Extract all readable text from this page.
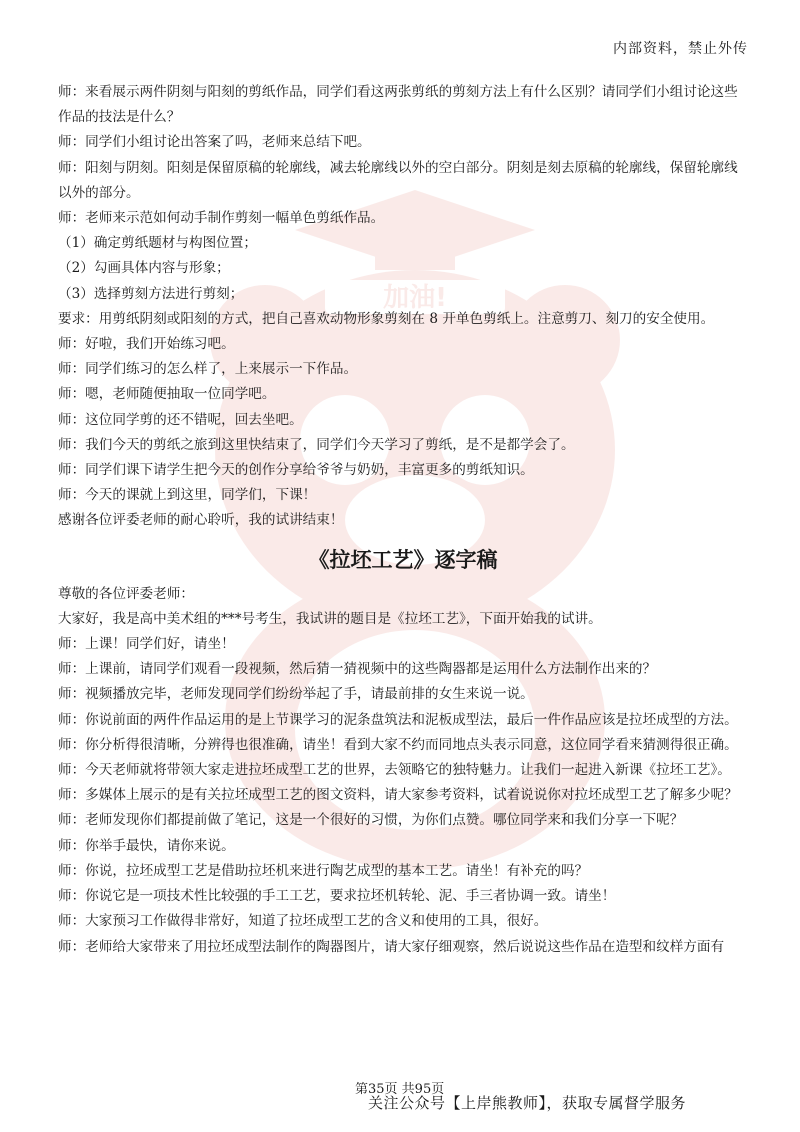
加油!
内部资料，禁止外传

师：来看展示两件阴刻与阳刻的剪纸作品，同学们看这两张剪纸的剪刻方法上有什么区别？请同学们小组讨论这些作品的技法是什么？

师：同学们小组讨论出答案了吗，老师来总结下吧。

师：阳刻与阴刻。阳刻是保留原稿的轮廓线，减去轮廓线以外的空白部分。阴刻是刻去原稿的轮廓线，保留轮廓线以外的部分。

师：老师来示范如何动手制作剪刻一幅单色剪纸作品。

（1）确定剪纸题材与构图位置；

（2）勾画具体内容与形象；

（3）选择剪刻方法进行剪刻；

要求：用剪纸阴刻或阳刻的方式，把自己喜欢动物形象剪刻在 8 开单色剪纸上。注意剪刀、刻刀的安全使用。

师：好啦，我们开始练习吧。

师：同学们练习的怎么样了，上来展示一下作品。

师：嗯，老师随便抽取一位同学吧。

师：这位同学剪的还不错呢，回去坐吧。

师：我们今天的剪纸之旅到这里快结束了，同学们今天学习了剪纸，是不是都学会了。

师：同学们课下请学生把今天的创作分享给爷爷与奶奶，丰富更多的剪纸知识。

师：今天的课就上到这里，同学们，下课！

感谢各位评委老师的耐心聆听，我的试讲结束！

《拉坯工艺》逐字稿

尊敬的各位评委老师：

大家好，我是高中美术组的***号考生，我试讲的题目是《拉坯工艺》，下面开始我的试讲。

师：上课！同学们好，请坐！

师：上课前，请同学们观看一段视频，然后猜一猜视频中的这些陶器都是运用什么方法制作出来的？

师：视频播放完毕，老师发现同学们纷纷举起了手，请最前排的女生来说一说。

师：你说前面的两件作品运用的是上节课学习的泥条盘筑法和泥板成型法，最后一件作品应该是拉坯成型的方法。

师：你分析得很清晰，分辨得也很准确，请坐！看到大家不约而同地点头表示同意，这位同学看来猜测得很正确。

师：今天老师就将带领大家走进拉坯成型工艺的世界，去领略它的独特魅力。让我们一起进入新课《拉坯工艺》。

师：多媒体上展示的是有关拉坯成型工艺的图文资料，请大家参考资料，试着说说你对拉坯成型工艺了解多少呢？

师：老师发现你们都提前做了笔记，这是一个很好的习惯，为你们点赞。哪位同学来和我们分享一下呢？

师：你举手最快，请你来说。

师：你说，拉坯成型工艺是借助拉坯机来进行陶艺成型的基本工艺。请坐！有补充的吗？

师：你说它是一项技术性比较强的手工工艺，要求拉坯机转轮、泥、手三者协调一致。请坐！

师：大家预习工作做得非常好，知道了拉坯成型工艺的含义和使用的工具，很好。

师：老师给大家带来了用拉坯成型法制作的陶器图片，请大家仔细观察，然后说说这些作品在造型和纹样方面有

第35页 共95页
关注公众号【上岸熊教师】，获取专属督学服务
